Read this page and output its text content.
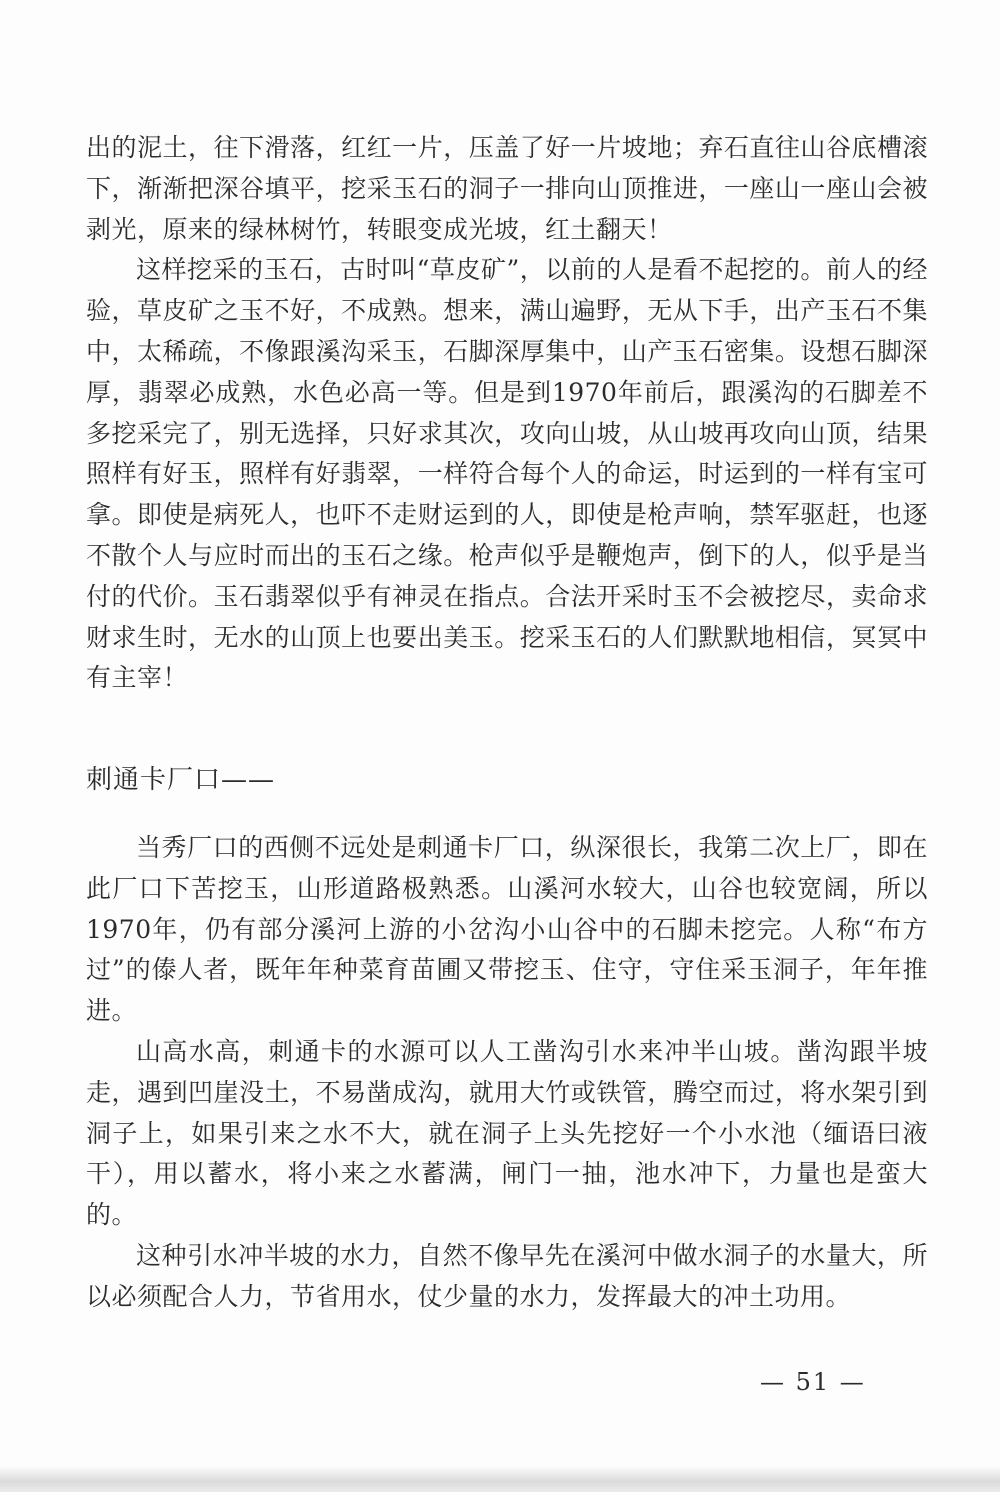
出的泥土，往下滑落，红红一片，压盖了好一片坡地；弃石直往山谷底槽滚下，渐渐把深谷填平，挖采玉石的洞子一排向山顶推进，一座山一座山会被剥光，原来的绿林树竹，转眼变成光坡，红土翻天！

这样挖采的玉石，古时叫“草皮矿”，以前的人是看不起挖的。前人的经验，草皮矿之玉不好，不成熟。想来，满山遍野，无从下手，出产玉石不集中，太稀疏，不像跟溪沟采玉，石脚深厚集中，山产玉石密集。设想石脚深厚，翡翠必成熟，水色必高一等。但是到1970年前后，跟溪沟的石脚差不多挖采完了，别无选择，只好求其次，攻向山坡，从山坡再攻向山顶，结果照样有好玉，照样有好翡翠，一样符合每个人的命运，时运到的一样有宝可拿。即使是病死人，也吓不走财运到的人，即使是枪声响，禁军驱赶，也逐不散个人与应时而出的玉石之缘。枪声似乎是鞭炮声，倒下的人，似乎是当付的代价。玉石翡翠似乎有神灵在指点。合法开采时玉不会被挖尽，卖命求财求生时，无水的山顶上也要出美玉。挖采玉石的人们默默地相信，冥冥中有主宰！

刺通卡厂口——

当秀厂口的西侧不远处是刺通卡厂口，纵深很长，我第二次上厂，即在此厂口下苦挖玉，山形道路极熟悉。山溪河水较大，山谷也较宽阔，所以1970年，仍有部分溪河上游的小岔沟小山谷中的石脚未挖完。人称“布方过”的傣人者，既年年种菜育苗圃又带挖玉、住守，守住采玉洞子，年年推进。

山高水高，刺通卡的水源可以人工凿沟引水来冲半山坡。凿沟跟半坡走，遇到凹崖没土，不易凿成沟，就用大竹或铁管，腾空而过，将水架引到洞子上，如果引来之水不大，就在洞子上头先挖好一个小水池（缅语曰液干），用以蓄水，将小来之水蓄满，闸门一抽，池水冲下，力量也是蛮大的。

这种引水冲半坡的水力，自然不像早先在溪河中做水洞子的水量大，所以必须配合人力，节省用水，仗少量的水力，发挥最大的冲土功用。

— 51 —
